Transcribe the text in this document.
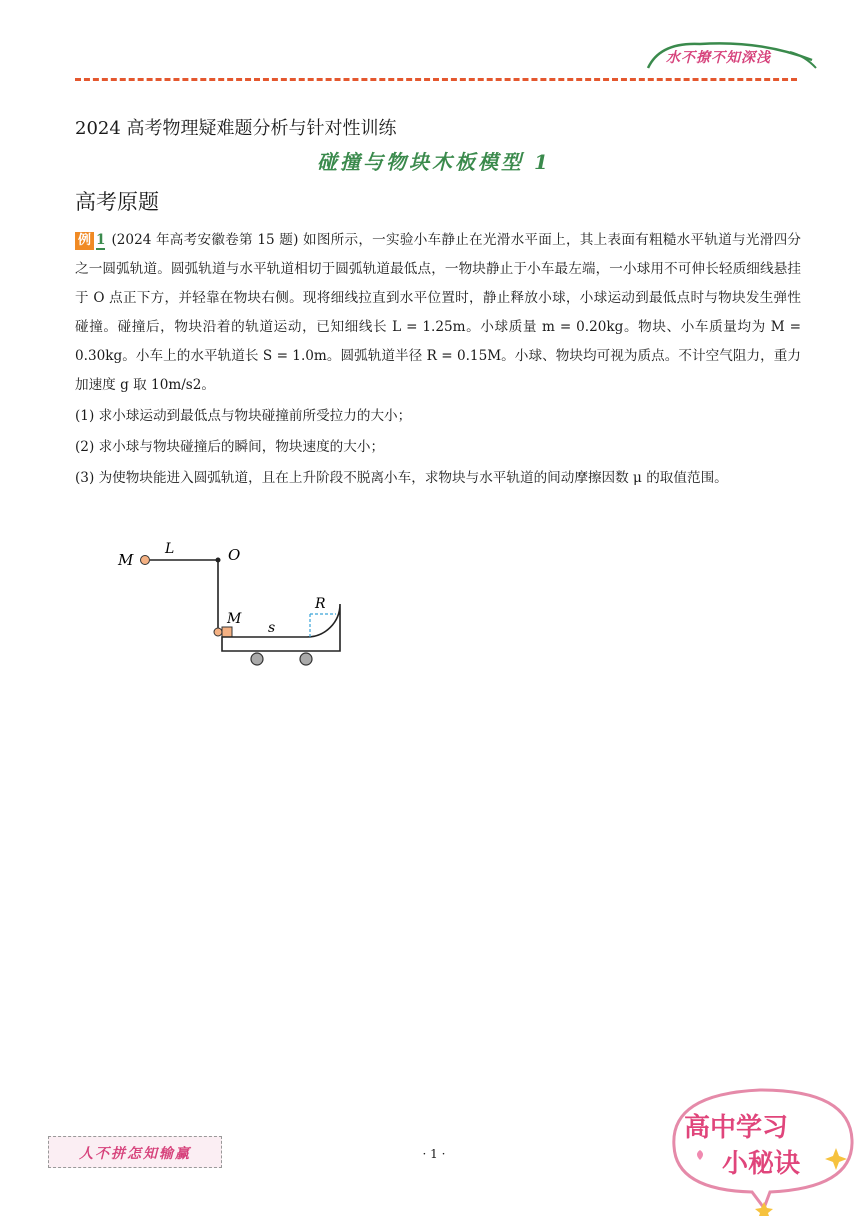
水不撩不知深浅
2024 高考物理疑难题分析与针对性训练
碰撞与物块木板模型 1
高考原题

例 1 (2024 年高考安徽卷第 15 题) 如图所示，一实验小车静止在光滑水平面上，其上表面有粗糙水平轨道与光滑四分之一圆弧轨道。圆弧轨道与水平轨道相切于圆弧轨道最低点，一物块静止于小车最左端，一小球用不可伸长轻质细线悬挂于 O 点正下方，并轻靠在物块右侧。现将细线拉直到水平位置时，静止释放小球，小球运动到最低点时与物块发生弹性碰撞。碰撞后，物块沿着的轨道运动，已知细线长 L = 1.25m。小球质量 m = 0.20kg。物块、小车质量均为 M = 0.30kg。小车上的水平轨道长 S = 1.0m。圆弧轨道半径 R = 0.15M。小球、物块均可视为质点。不计空气阻力，重力加速度 g 取 10m/s2。

(1) 求小球运动到最低点与物块碰撞前所受拉力的大小；

(2) 求小球与物块碰撞后的瞬间，物块速度的大小；

(3) 为使物块能进入圆弧轨道，且在上升阶段不脱离小车，求物块与水平轨道的间动摩擦因数 μ 的取值范围。

M
L	O
M
R
s
人不拼怎知输赢	· 1 ·
高中学习
小秘诀
